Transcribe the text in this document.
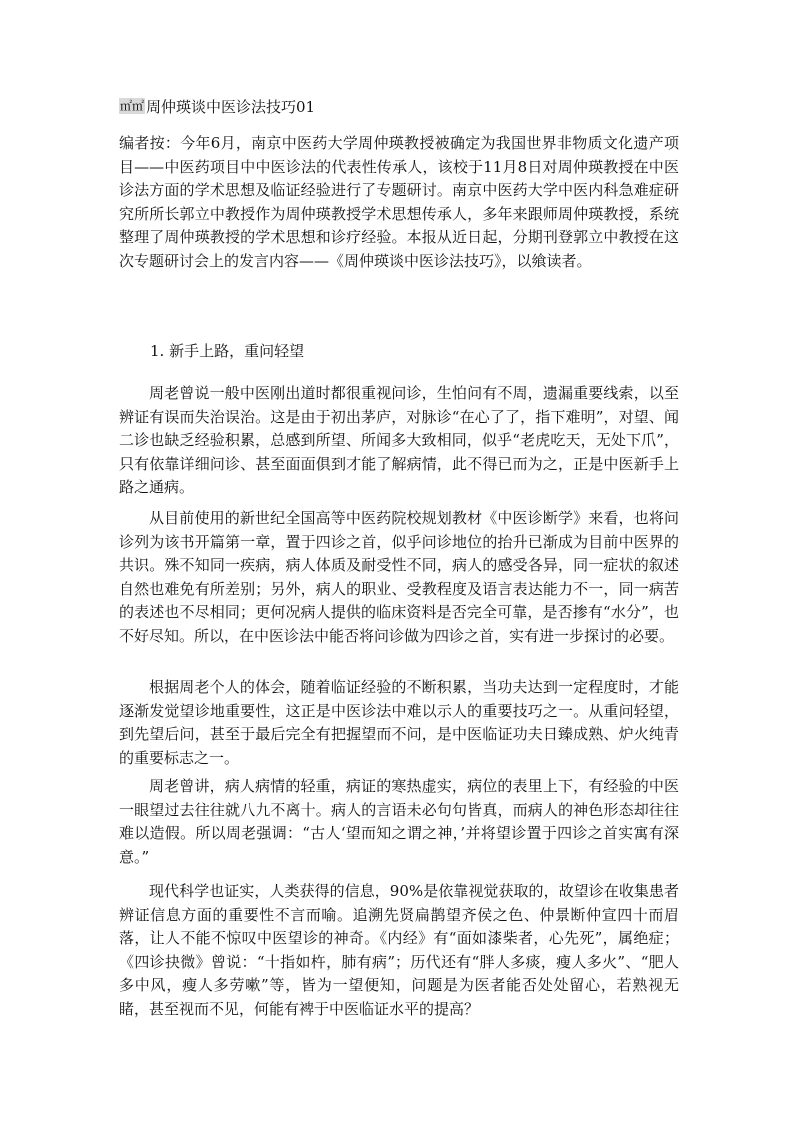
㎡㎡ 周仲瑛谈中医诊法技巧01

编者按：今年6月，南京中医药大学周仲瑛教授被确定为我国世界非物质文化遗产项目——中医药项目中中医诊法的代表性传承人，该校于11月8日对周仲瑛教授在中医诊法方面的学术思想及临证经验进行了专题研讨。南京中医药大学中医内科急难症研究所所长郭立中教授作为周仲瑛教授学术思想传承人，多年来跟师周仲瑛教授，系统整理了周仲瑛教授的学术思想和诊疗经验。本报从近日起，分期刊登郭立中教授在这次专题研讨会上的发言内容——《周仲瑛谈中医诊法技巧》，以飨读者。

1. 新手上路，重问轻望

周老曾说一般中医刚出道时都很重视问诊，生怕问有不周，遗漏重要线索，以至辨证有误而失治误治。这是由于初出茅庐，对脉诊“在心了了，指下难明”，对望、闻二诊也缺乏经验积累，总感到所望、所闻多大致相同，似乎“老虎吃天，无处下爪”，只有依靠详细问诊、甚至面面俱到才能了解病情，此不得已而为之，正是中医新手上路之通病。

从目前使用的新世纪全国高等中医药院校规划教材《中医诊断学》来看，也将问诊列为该书开篇第一章，置于四诊之首，似乎问诊地位的抬升已渐成为目前中医界的共识。殊不知同一疾病，病人体质及耐受性不同，病人的感受各异，同一症状的叙述自然也难免有所差别；另外，病人的职业、受教程度及语言表达能力不一，同一病苦的表述也不尽相同；更何况病人提供的临床资料是否完全可靠，是否掺有“水分”，也不好尽知。所以，在中医诊法中能否将问诊做为四诊之首，实有进一步探讨的必要。

根据周老个人的体会，随着临证经验的不断积累，当功夫达到一定程度时，才能逐渐发觉望诊地重要性，这正是中医诊法中难以示人的重要技巧之一。从重问轻望，到先望后问，甚至于最后完全有把握望而不问，是中医临证功夫日臻成熟、炉火纯青的重要标志之一。

周老曾讲，病人病情的轻重，病证的寒热虚实，病位的表里上下，有经验的中医一眼望过去往往就八九不离十。病人的言语未必句句皆真，而病人的神色形态却往往难以造假。所以周老强调：“古人‘望而知之谓之神，’并将望诊置于四诊之首实寓有深意。”

现代科学也证实，人类获得的信息，90%是依靠视觉获取的，故望诊在收集患者辨证信息方面的重要性不言而喻。追溯先贤扁鹊望齐侯之色、仲景断仲宣四十而眉落，让人不能不惊叹中医望诊的神奇。《内经》有“面如漆柴者，心先死”，属绝症；《四诊抉微》曾说：“十指如杵，肺有病”；历代还有“胖人多痰，瘦人多火”、“肥人多中风，瘦人多劳嗽”等，皆为一望便知，问题是为医者能否处处留心，若熟视无睹，甚至视而不见，何能有裨于中医临证水平的提高？
